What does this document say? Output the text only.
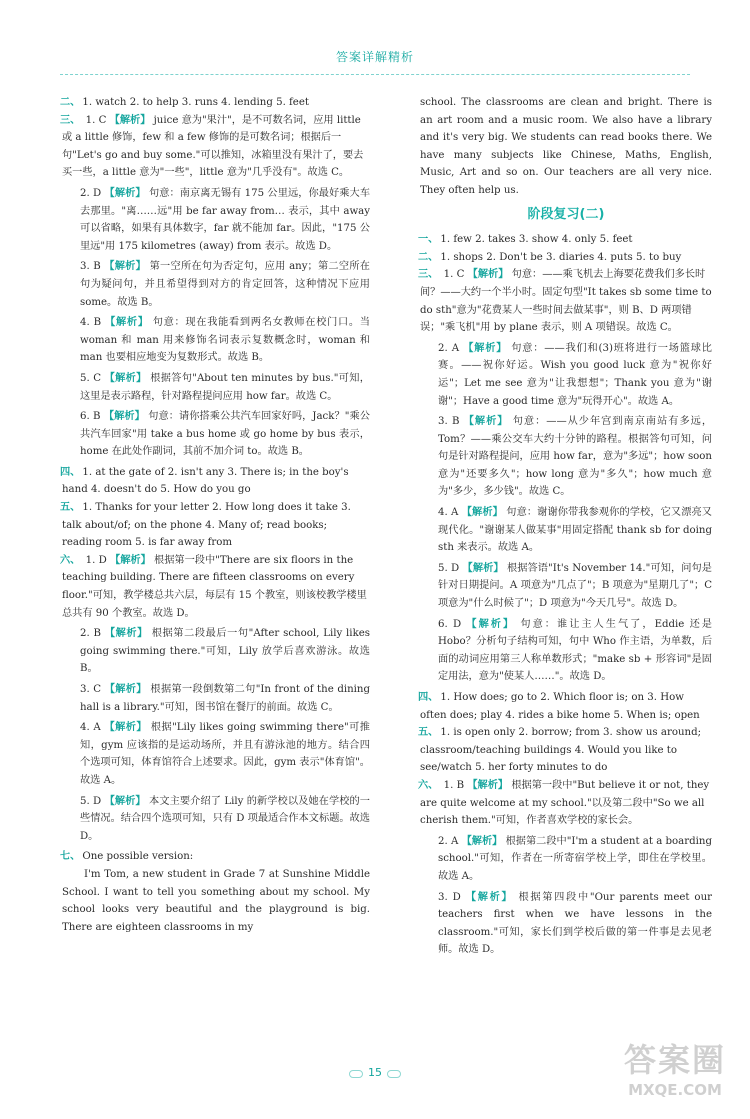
答案详解精析
二、 1. watch 2. to help 3. runs 4. lending 5. feet
三、 1. C 【解析】 juice 意为"果汁"，是不可数名词，应用 little 或 a little 修饰，few 和 a few 修饰的是可数名词；根据后一句"Let's go and buy some."可以推知，冰箱里没有果汁了，要去买一些，a little 意为"一些"，little 意为"几乎没有"。故选 C。
2. D 【解析】 句意：南京离无锡有 175 公里远，你最好乘大车去那里。"离……远"用 be far away from… 表示，其中 away 可以省略，如果有具体数字，far 就不能加 far。因此，"175 公里远"用 175 kilometres (away) from 表示。故选 D。
3. B 【解析】 第一空所在句为否定句，应用 any；第二空所在句为疑问句，并且希望得到对方的肯定回答，这种情况下应用 some。故选 B。
4. B 【解析】 句意：现在我能看到两名女教师在校门口。当 woman 和 man 用来修饰名词表示复数概念时，woman 和 man 也要相应地变为复数形式。故选 B。
5. C 【解析】 根据答句"About ten minutes by bus."可知，这里是表示路程，针对路程提问应用 how far。故选 C。
6. B 【解析】 句意：请你搭乘公共汽车回家好吗，Jack？"乘公共汽车回家"用 take a bus home 或 go home by bus 表示，home 在此处作副词，其前不加介词 to。故选 B。
四、 1. at the gate of 2. isn't any 3. There is; in the boy's hand 4. doesn't do 5. How do you go
五、 1. Thanks for your letter 2. How long does it take 3. talk about/of; on the phone 4. Many of; read books; reading room 5. is far away from
六、 1. D 【解析】 根据第一段中"There are six floors in the teaching building. There are fifteen classrooms on every floor."可知，教学楼总共六层，每层有 15 个教室，则该校教学楼里总共有 90 个教室。故选 D。
2. B 【解析】 根据第二段最后一句"After school, Lily likes going swimming there."可知，Lily 放学后喜欢游泳。故选 B。
3. C 【解析】 根据第一段倒数第二句"In front of the dining hall is a library."可知，图书馆在餐厅的前面。故选 C。
4. A 【解析】 根据"Lily likes going swimming there"可推知，gym 应该指的是运动场所，并且有游泳池的地方。结合四个选项可知，体育馆符合上述要求。因此，gym 表示"体育馆"。故选 A。
5. D 【解析】 本文主要介绍了 Lily 的新学校以及她在学校的一些情况。结合四个选项可知，只有 D 项最适合作本文标题。故选 D。
七、 One possible version:

I'm Tom, a new student in Grade 7 at Sunshine Middle School. I want to tell you something about my school. My school looks very beautiful and the playground is big. There are eighteen classrooms in my

school. The classrooms are clean and bright. There is an art room and a music room. We also have a library and it's very big. We students can read books there. We have many subjects like Chinese, Maths, English, Music, Art and so on. Our teachers are all very nice. They often help us.

阶段复习(二)
一、 1. few 2. takes 3. show 4. only 5. feet
二、 1. shops 2. Don't be 3. diaries 4. puts 5. to buy
三、 1. C 【解析】 句意：——乘飞机去上海要花费我们多长时间？——大约一个半小时。固定句型"It takes sb some time to do sth"意为"花费某人一些时间去做某事"，则 B、D 两项错误；"乘飞机"用 by plane 表示，则 A 项错误。故选 C。
2. A 【解析】 句意：——我们和(3)班将进行一场篮球比赛。——祝你好运。Wish you good luck 意为"祝你好运"；Let me see 意为"让我想想"；Thank you 意为"谢谢"；Have a good time 意为"玩得开心"。故选 A。
3. B 【解析】 句意：——从少年宫到南京南站有多远，Tom？——乘公交车大约十分钟的路程。根据答句可知，问句是针对路程提问，应用 how far，意为"多远"；how soon 意为"还要多久"；how long 意为"多久"；how much 意为"多少，多少钱"。故选 C。
4. A 【解析】 句意：谢谢你带我参观你的学校，它又漂亮又现代化。"谢谢某人做某事"用固定搭配 thank sb for doing sth 来表示。故选 A。
5. D 【解析】 根据答语"It's November 14."可知，问句是针对日期提问。A 项意为"几点了"；B 项意为"星期几了"；C 项意为"什么时候了"；D 项意为"今天几号"。故选 D。
6. D 【解析】 句意：谁让主人生气了，Eddie 还是 Hobo？分析句子结构可知，句中 Who 作主语，为单数，后面的动词应用第三人称单数形式；"make sb + 形容词"是固定用法，意为"使某人……"。故选 D。
四、 1. How does; go to 2. Which floor is; on 3. How often does; play 4. rides a bike home 5. When is; open
五、 1. is open only 2. borrow; from 3. show us around; classroom/teaching buildings 4. Would you like to see/watch 5. her forty minutes to do
六、 1. B 【解析】 根据第一段中"But believe it or not, they are quite welcome at my school."以及第二段中"So we all cherish them."可知，作者喜欢学校的家长会。
2. A 【解析】 根据第二段中"I'm a student at a boarding school."可知，作者在一所寄宿学校上学，即住在学校里。故选 A。
3. D 【解析】 根据第四段中"Our parents meet our teachers first when we have lessons in the classroom."可知，家长们到学校后做的第一件事是去见老师。故选 D。
15	答案圈
MXQE.COM
